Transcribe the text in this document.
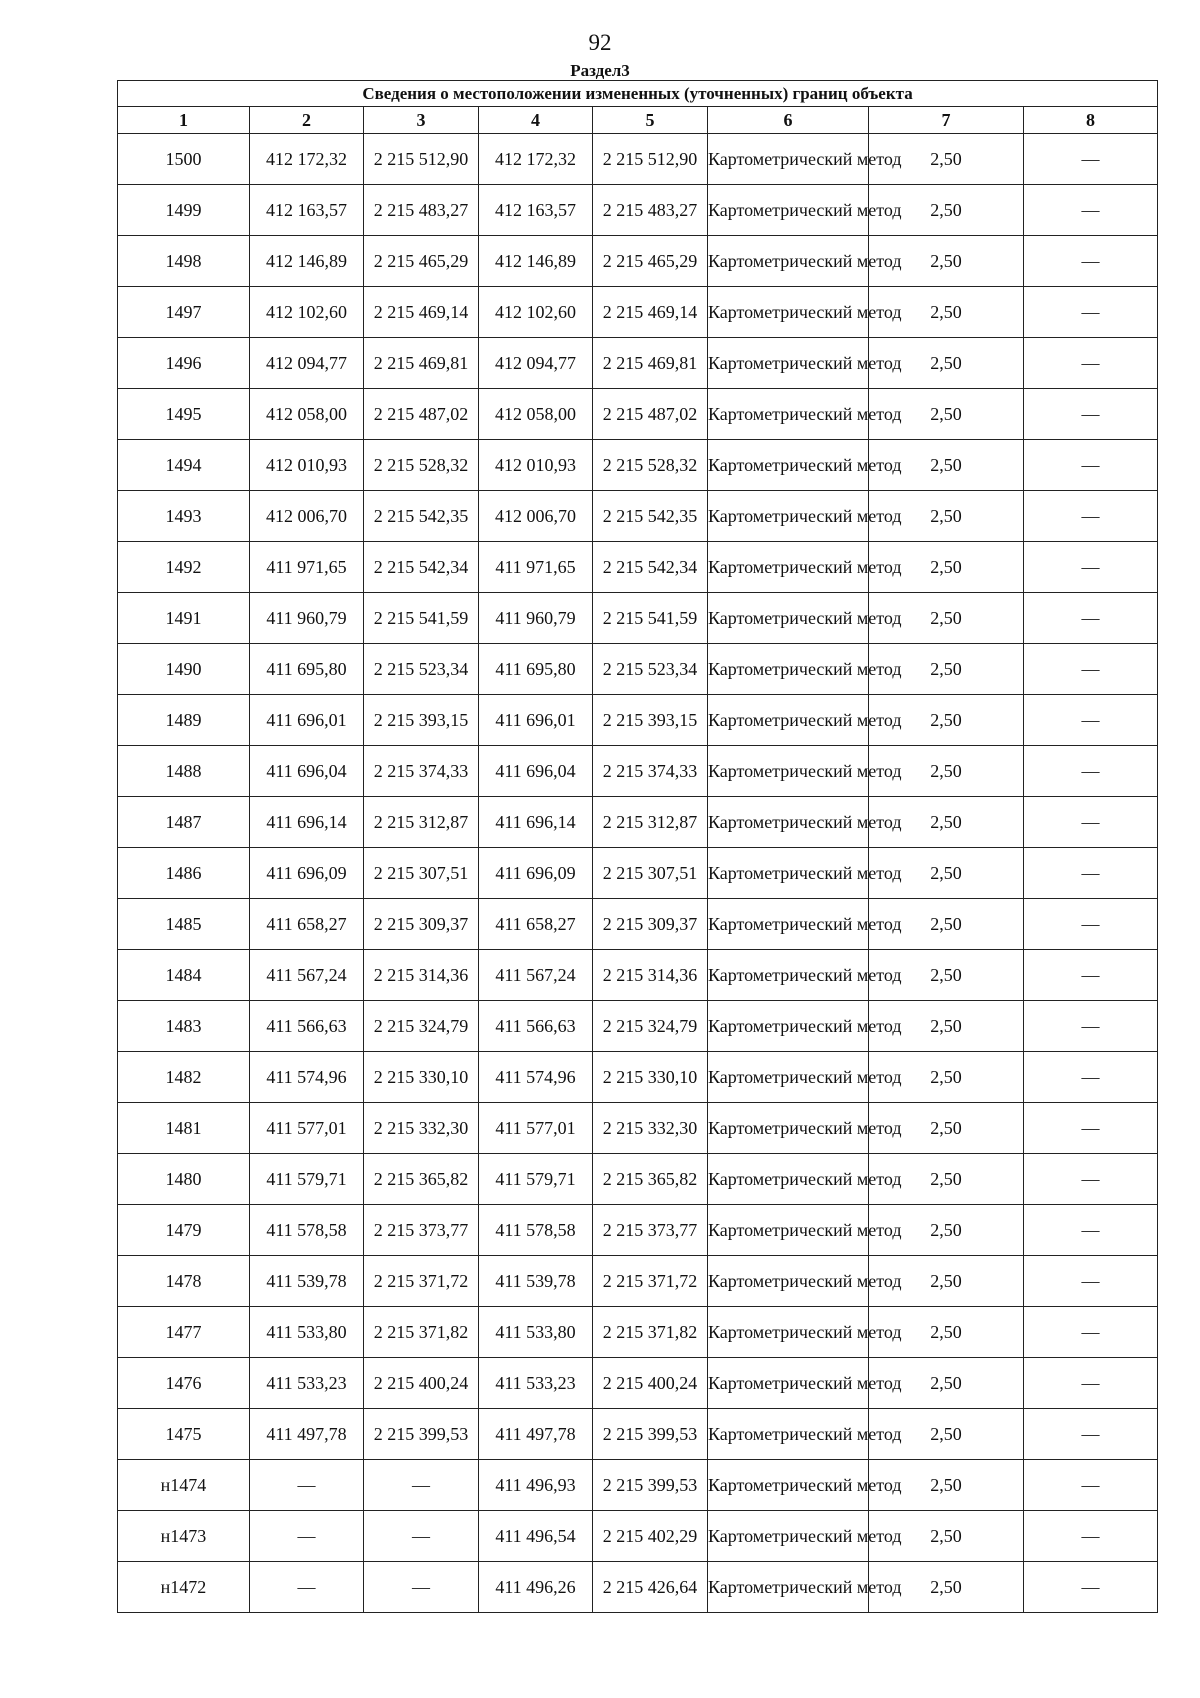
92
Раздел3
Сведения о местоположении измененных (уточненных) границ объекта							
1	2	3	4	5	6	7	8
1500	412 172,32	2 215 512,90	412 172,32	2 215 512,90	Картометрический метод	2,50	—
1499	412 163,57	2 215 483,27	412 163,57	2 215 483,27	Картометрический метод	2,50	—
1498	412 146,89	2 215 465,29	412 146,89	2 215 465,29	Картометрический метод	2,50	—
1497	412 102,60	2 215 469,14	412 102,60	2 215 469,14	Картометрический метод	2,50	—
1496	412 094,77	2 215 469,81	412 094,77	2 215 469,81	Картометрический метод	2,50	—
1495	412 058,00	2 215 487,02	412 058,00	2 215 487,02	Картометрический метод	2,50	—
1494	412 010,93	2 215 528,32	412 010,93	2 215 528,32	Картометрический метод	2,50	—
1493	412 006,70	2 215 542,35	412 006,70	2 215 542,35	Картометрический метод	2,50	—
1492	411 971,65	2 215 542,34	411 971,65	2 215 542,34	Картометрический метод	2,50	—
1491	411 960,79	2 215 541,59	411 960,79	2 215 541,59	Картометрический метод	2,50	—
1490	411 695,80	2 215 523,34	411 695,80	2 215 523,34	Картометрический метод	2,50	—
1489	411 696,01	2 215 393,15	411 696,01	2 215 393,15	Картометрический метод	2,50	—
1488	411 696,04	2 215 374,33	411 696,04	2 215 374,33	Картометрический метод	2,50	—
1487	411 696,14	2 215 312,87	411 696,14	2 215 312,87	Картометрический метод	2,50	—
1486	411 696,09	2 215 307,51	411 696,09	2 215 307,51	Картометрический метод	2,50	—
1485	411 658,27	2 215 309,37	411 658,27	2 215 309,37	Картометрический метод	2,50	—
1484	411 567,24	2 215 314,36	411 567,24	2 215 314,36	Картометрический метод	2,50	—
1483	411 566,63	2 215 324,79	411 566,63	2 215 324,79	Картометрический метод	2,50	—
1482	411 574,96	2 215 330,10	411 574,96	2 215 330,10	Картометрический метод	2,50	—
1481	411 577,01	2 215 332,30	411 577,01	2 215 332,30	Картометрический метод	2,50	—
1480	411 579,71	2 215 365,82	411 579,71	2 215 365,82	Картометрический метод	2,50	—
1479	411 578,58	2 215 373,77	411 578,58	2 215 373,77	Картометрический метод	2,50	—
1478	411 539,78	2 215 371,72	411 539,78	2 215 371,72	Картометрический метод	2,50	—
1477	411 533,80	2 215 371,82	411 533,80	2 215 371,82	Картометрический метод	2,50	—
1476	411 533,23	2 215 400,24	411 533,23	2 215 400,24	Картометрический метод	2,50	—
1475	411 497,78	2 215 399,53	411 497,78	2 215 399,53	Картометрический метод	2,50	—
н1474	—	—	411 496,93	2 215 399,53	Картометрический метод	2,50	—
н1473	—	—	411 496,54	2 215 402,29	Картометрический метод	2,50	—
н1472	—	—	411 496,26	2 215 426,64	Картометрический метод	2,50	—
